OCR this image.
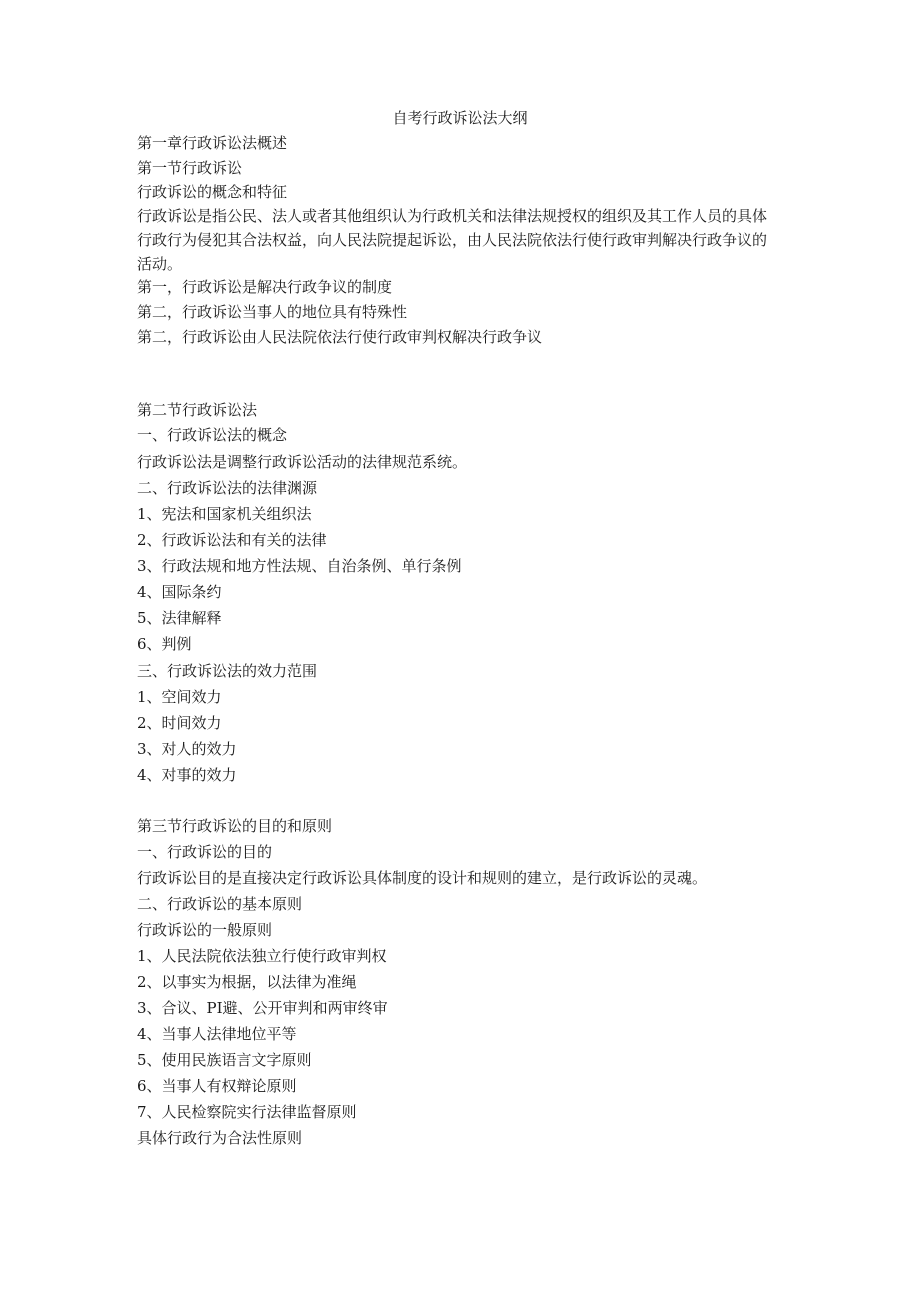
自考行政诉讼法大纲
第一章行政诉讼法概述
第一节行政诉讼
行政诉讼的概念和特征
行政诉讼是指公民、法人或者其他组织认为行政机关和法律法规授权的组织及其工作人员的具体行政行为侵犯其合法权益，向人民法院提起诉讼，由人民法院依法行使行政审判解决行政争议的活动。
第一，行政诉讼是解决行政争议的制度
第二，行政诉讼当事人的地位具有特殊性
第二，行政诉讼由人民法院依法行使行政审判权解决行政争议
第二节行政诉讼法
一、行政诉讼法的概念
行政诉讼法是调整行政诉讼活动的法律规范系统。
二、行政诉讼法的法律渊源
1、宪法和国家机关组织法
2、行政诉讼法和有关的法律
3、行政法规和地方性法规、自治条例、单行条例
4、国际条约
5、法律解释
6、判例
三、行政诉讼法的效力范围
1、空间效力
2、时间效力
3、对人的效力
4、对事的效力
第三节行政诉讼的目的和原则
一、行政诉讼的目的
行政诉讼目的是直接决定行政诉讼具体制度的设计和规则的建立，是行政诉讼的灵魂。
二、行政诉讼的基本原则
行政诉讼的一般原则
1、人民法院依法独立行使行政审判权
2、以事实为根据，以法律为准绳
3、合议、PI避、公开审判和两审终审
4、当事人法律地位平等
5、使用民族语言文字原则
6、当事人有权辩论原则
7、人民检察院实行法律监督原则
具体行政行为合法性原则
